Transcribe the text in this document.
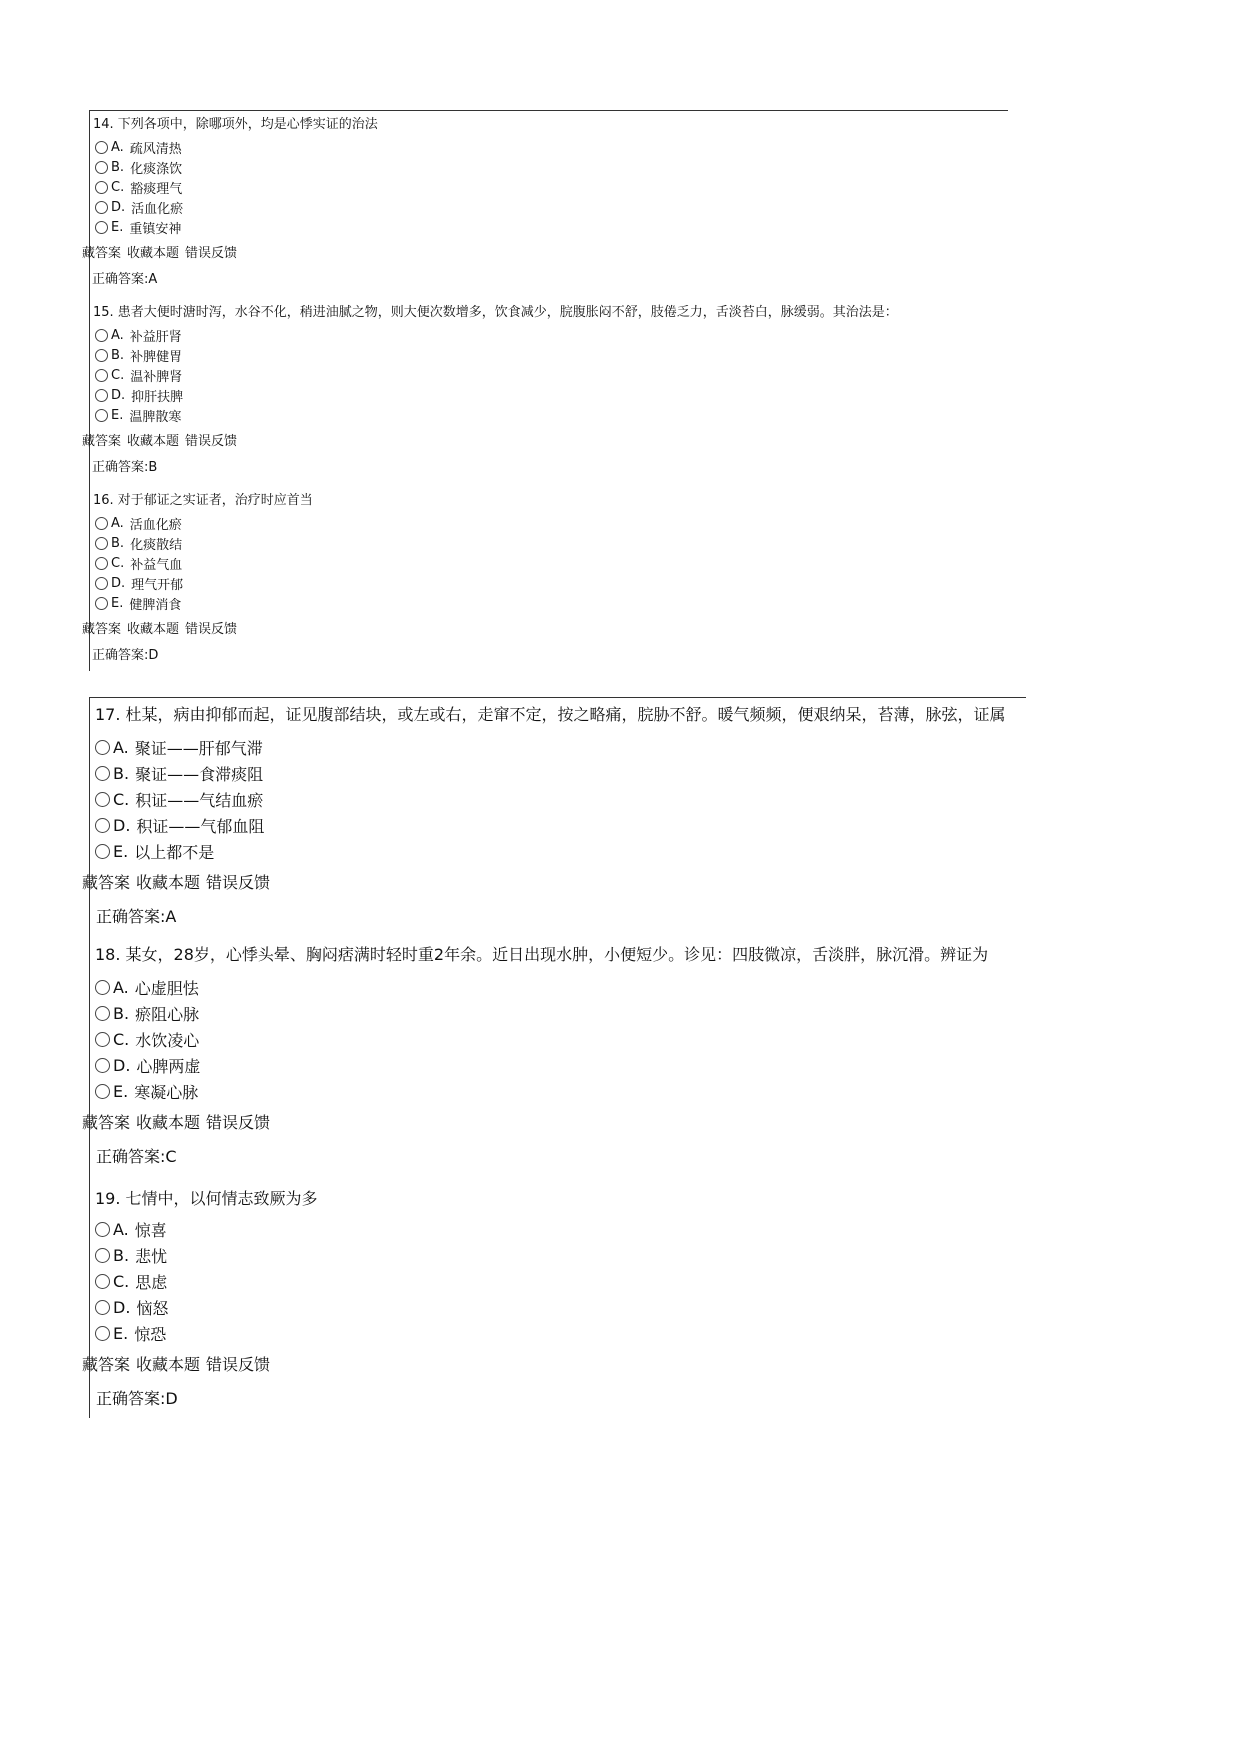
14. 下列各项中，除哪项外，均是心悸实证的治法
A. 疏风清热
B. 化痰涤饮
C. 豁痰理气
D. 活血化瘀
E. 重镇安神
藏答案 收藏本题 错误反馈
正确答案:A
15. 患者大便时溏时泻，水谷不化，稍进油腻之物，则大便次数增多，饮食减少，脘腹胀闷不舒，肢倦乏力，舌淡苔白，脉缓弱。其治法是：
A. 补益肝肾
B. 补脾健胃
C. 温补脾肾
D. 抑肝扶脾
E. 温脾散寒
藏答案 收藏本题 错误反馈
正确答案:B
16. 对于郁证之实证者，治疗时应首当
A. 活血化瘀
B. 化痰散结
C. 补益气血
D. 理气开郁
E. 健脾消食
藏答案 收藏本题 错误反馈
正确答案:D
17. 杜某，病由抑郁而起，证见腹部结块，或左或右，走窜不定，按之略痛，脘胁不舒。暖气频频，便艰纳呆，苔薄，脉弦，证属
A. 聚证——肝郁气滞
B. 聚证——食滞痰阻
C. 积证——气结血瘀
D. 积证——气郁血阻
E. 以上都不是
藏答案 收藏本题 错误反馈
正确答案:A
18. 某女，28岁，心悸头晕、胸闷痞满时轻时重2年余。近日出现水肿，小便短少。诊见：四肢微凉，舌淡胖，脉沉滑。辨证为
A. 心虚胆怯
B. 瘀阻心脉
C. 水饮凌心
D. 心脾两虚
E. 寒凝心脉
藏答案 收藏本题 错误反馈
正确答案:C
19. 七情中，以何情志致厥为多
A. 惊喜
B. 悲忧
C. 思虑
D. 恼怒
E. 惊恐
藏答案 收藏本题 错误反馈
正确答案:D
